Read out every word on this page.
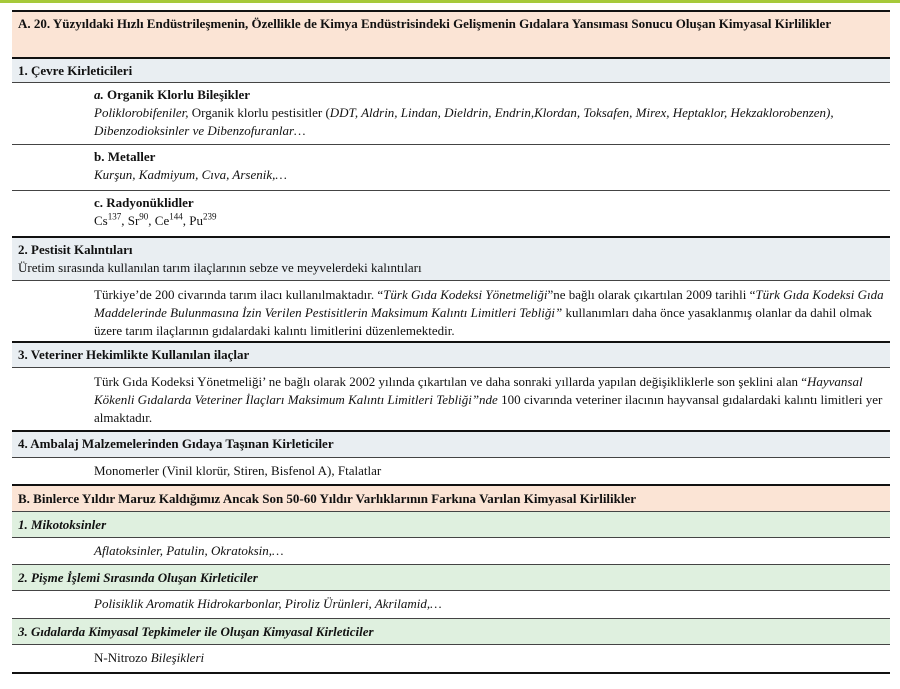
A. 20. Yüzyıldaki Hızlı Endüstrileşmenin, Özellikle de Kimya Endüstrisindeki Gelişmenin Gıdalara Yansıması Sonucu Oluşan Kimyasal Kirlilikler
1. Çevre Kirleticileri
a. Organik Klorlu Bileşikler
Poliklorobifeniler, Organik klorlu pestisitler (DDT, Aldrin, Lindan, Dieldrin, Endrin,Klordan, Toksafen, Mirex, Heptaklor, Hekzaklorobenzen), Dibenzodioksinler ve Dibenzofuranlar…
b. Metaller
Kurşun, Kadmiyum, Cıva, Arsenik,…
c. Radyonüklidler
Cs$^{137}$, Sr$^{90}$, Ce$^{144}$, Pu$^{239}$
2. Pestisit Kalıntıları
Üretim sırasında kullanılan tarım ilaçlarının sebze ve meyvelerdeki kalıntıları
Türkiye’de 200 civarında tarım ilacı kullanılmaktadır. “Türk Gıda Kodeksi Yönetmeliği”ne bağlı olarak çıkartılan 2009 tarihli “Türk Gıda Kodeksi Gıda Maddelerinde Bulunmasına İzin Verilen Pestisitlerin Maksimum Kalıntı Limitleri Tebliği” kullanımları daha önce yasaklanmış olanlar da dahil olmak üzere tarım ilaçlarının gıdalardaki kalıntı limitlerini düzenlemektedir.
3. Veteriner Hekimlikte Kullanılan ilaçlar
Türk Gıda Kodeksi Yönetmeliği’ ne bağlı olarak 2002 yılında çıkartılan ve daha sonraki yıllarda yapılan değişikliklerle son şeklini alan “Hayvansal Kökenli Gıdalarda Veteriner İlaçları Maksimum Kalıntı Limitleri Tebliği”nde 100 civarında veteriner ilacının hayvansal gıdalardaki kalıntı limitleri yer almaktadır.
4. Ambalaj Malzemelerinden Gıdaya Taşınan Kirleticiler
Monomerler (Vinil klorür, Stiren, Bisfenol A), Ftalatlar
B. Binlerce Yıldır Maruz Kaldığımız Ancak Son 50-60 Yıldır Varlıklarının Farkına Varılan Kimyasal Kirlilikler
1. Mikotoksinler
Aflatoksinler, Patulin, Okratoksin,…
2. Pişme İşlemi Sırasında Oluşan Kirleticiler
Polisiklik Aromatik Hidrokarbonlar, Piroliz Ürünleri, Akrilamid,…
3. Gıdalarda Kimyasal Tepkimeler ile Oluşan Kimyasal Kirleticiler
N-Nitrozo Bileşikleri
